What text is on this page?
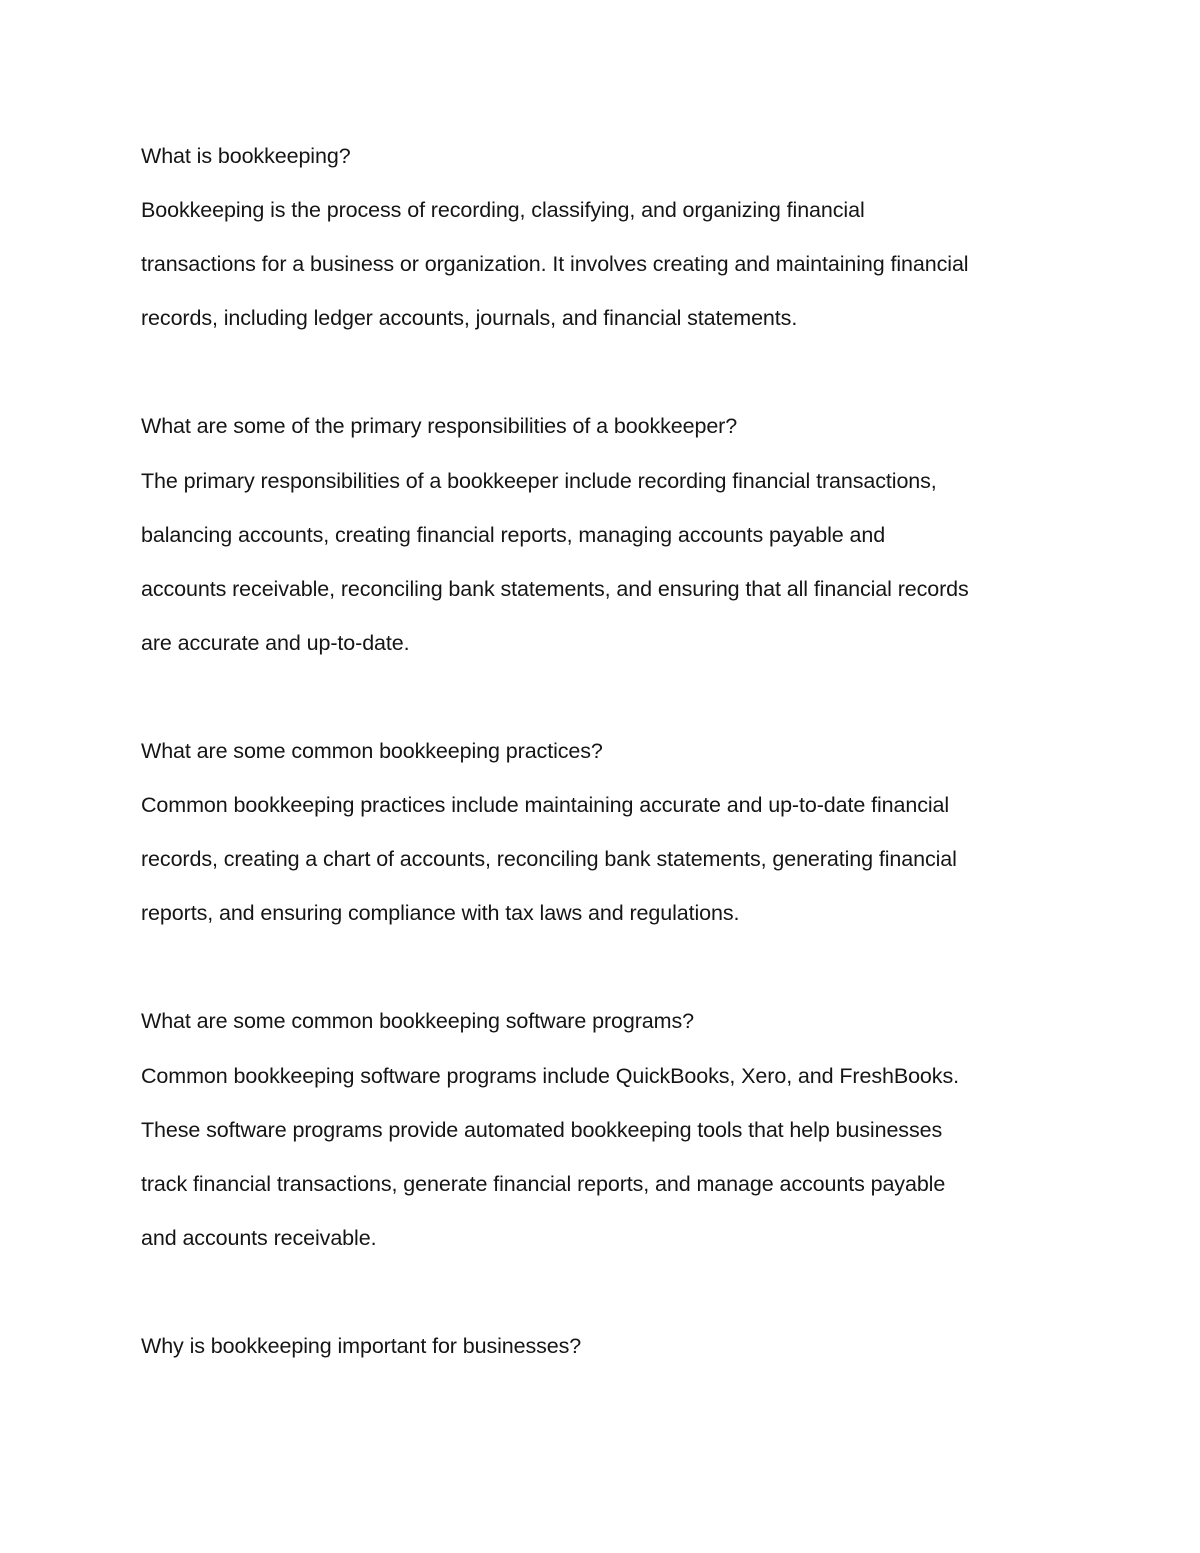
What is bookkeeping?
Bookkeeping is the process of recording, classifying, and organizing financial
transactions for a business or organization. It involves creating and maintaining financial
records, including ledger accounts, journals, and financial statements.
What are some of the primary responsibilities of a bookkeeper?
The primary responsibilities of a bookkeeper include recording financial transactions,
balancing accounts, creating financial reports, managing accounts payable and
accounts receivable, reconciling bank statements, and ensuring that all financial records
are accurate and up-to-date.
What are some common bookkeeping practices?
Common bookkeeping practices include maintaining accurate and up-to-date financial
records, creating a chart of accounts, reconciling bank statements, generating financial
reports, and ensuring compliance with tax laws and regulations.
What are some common bookkeeping software programs?
Common bookkeeping software programs include QuickBooks, Xero, and FreshBooks.
These software programs provide automated bookkeeping tools that help businesses
track financial transactions, generate financial reports, and manage accounts payable
and accounts receivable.
Why is bookkeeping important for businesses?
